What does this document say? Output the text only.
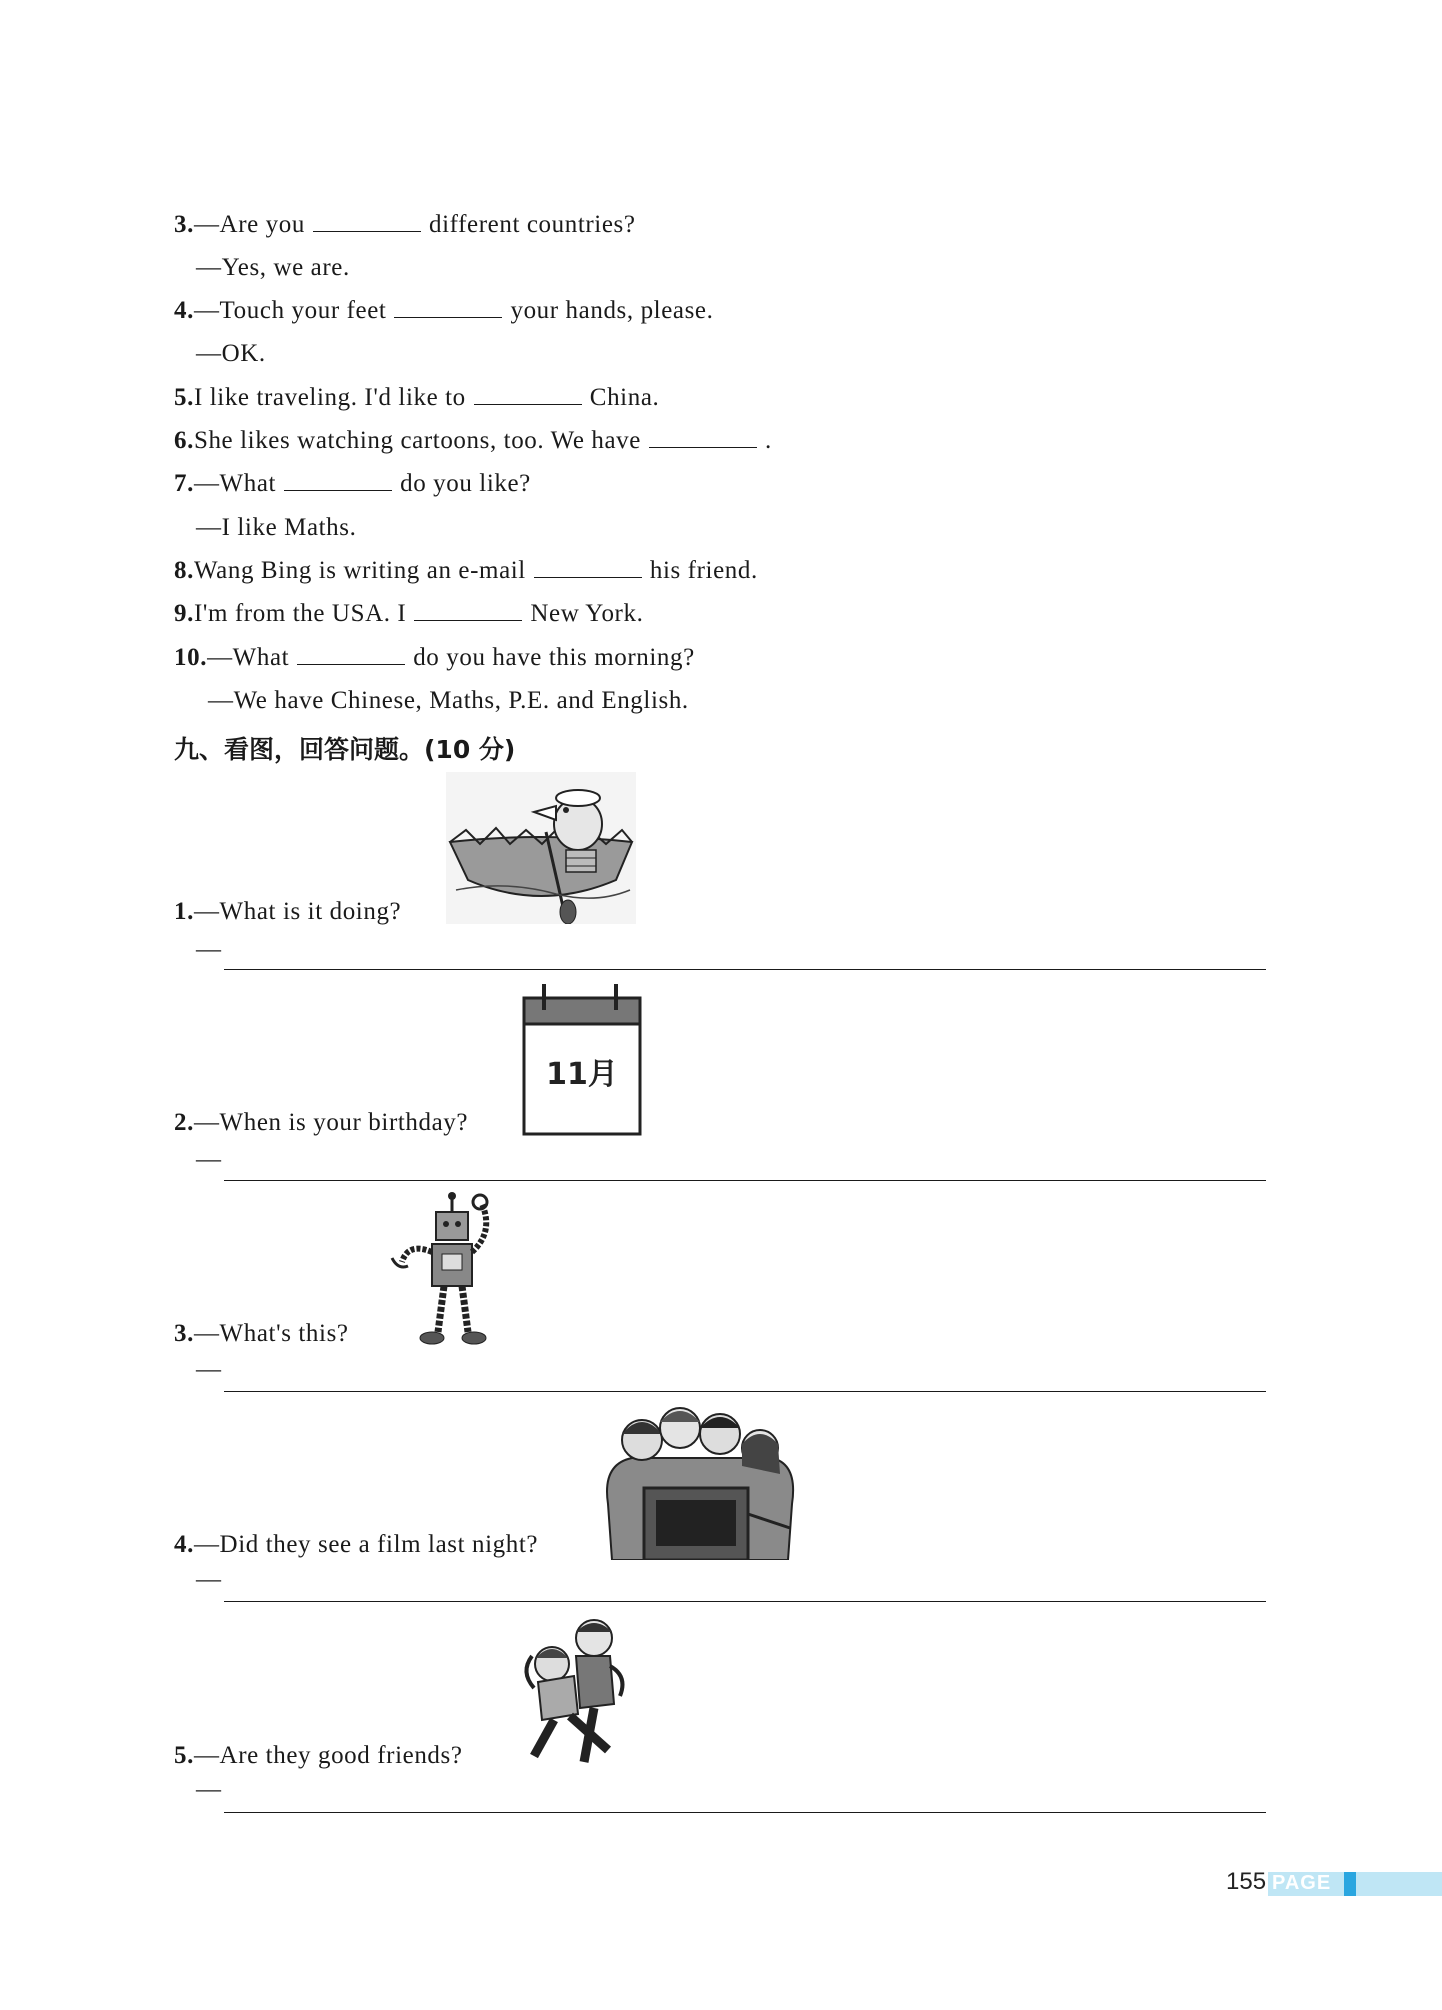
3.—Are you	different countries?
—Yes, we are.
4.—Touch your feet	your hands, please.
—OK.
5.I like traveling. I'd like to	China.
6.She likes watching cartoons, too. We have	.
7.—What	do you like?
—I like Maths.
8.Wang Bing is writing an e-mail	his friend.
9.I'm from the USA. I	New York.
10.—What	do you have this morning?
—We have Chinese, Maths, P.E. and English.
九、看图，回答问题。(10 分)
1.—What is it doing?
—
11月
2.—When is your birthday?
—
3.—What's this?
—
4.—Did they see a film last night?
—
5.—Are they good friends?
—
155 PAGE
